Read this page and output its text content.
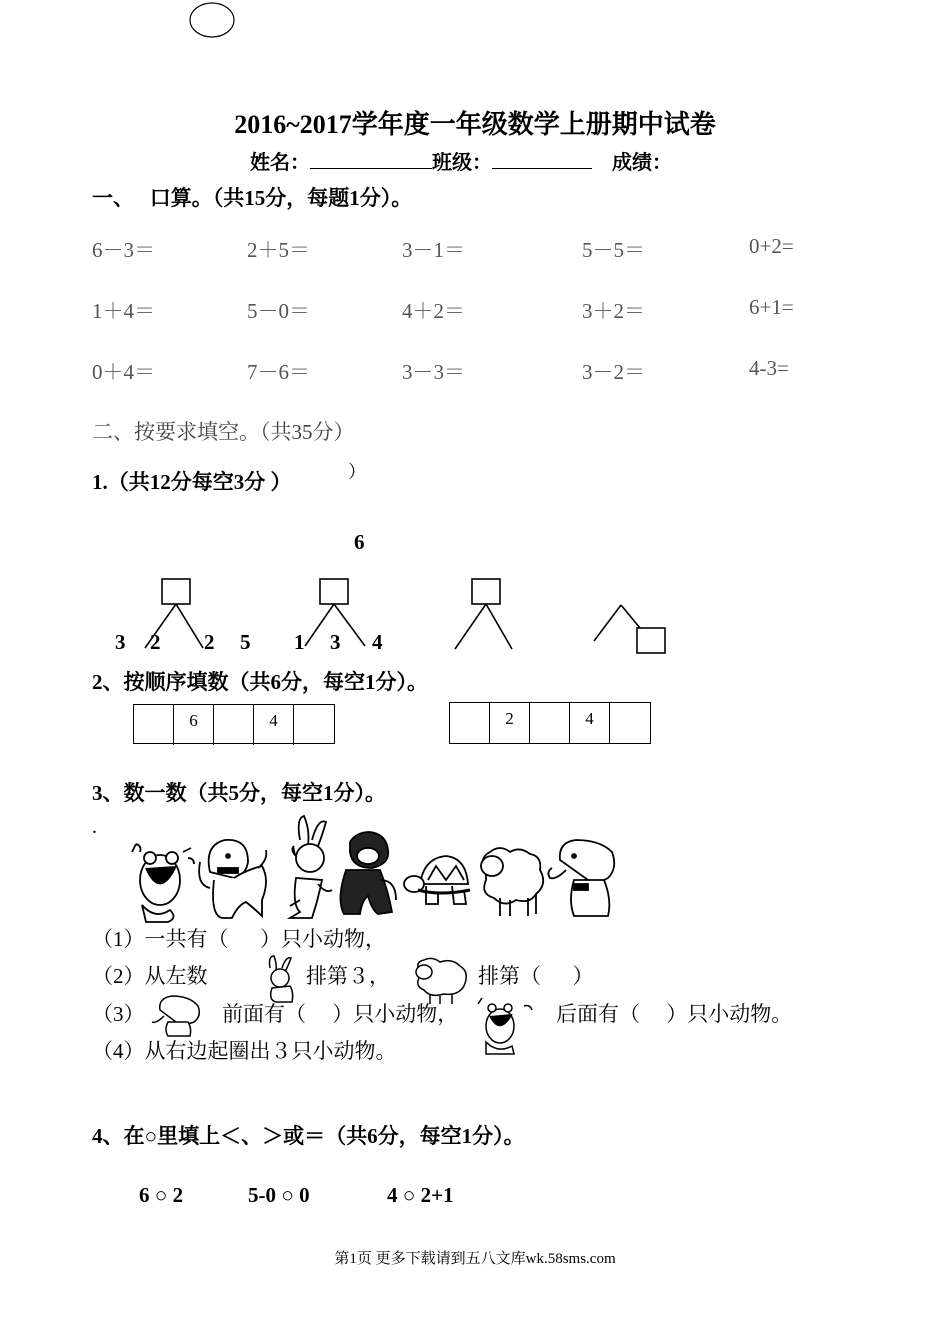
2016~2017学年度一年级数学上册期中试卷
姓名：	班级：	成绩：
一、   口算。（共15分，每题1分）。
6－3＝	2＋5＝	3－1＝	5－5＝	0+2=
1＋4＝	5－0＝	4＋2＝	3＋2＝	6+1=
0＋4＝	7－6＝	3－3＝	3－2＝	4-3=
二、按要求填空。（共35分）
1.（共12分每空3分 ）	）
6
3 2 2 5 1 3 4
2、按顺序填数（共6分，每空1分）。
6	4	2	4
3、数一数（共5分，每空1分）。
.
（1）一共有（      ）只小动物，
（2）从左数	排第３，	排第（      ）
（3）	前面有（     ）只小动物，	后面有（     ）只小动物。
（4）从右边起圈出３只小动物。
4、在○里填上＜、＞或＝（共6分，每空1分）。
6 ○ 2	5-0 ○ 0	4 ○ 2+1
第1页 更多下载请到五八文库wk.58sms.com
